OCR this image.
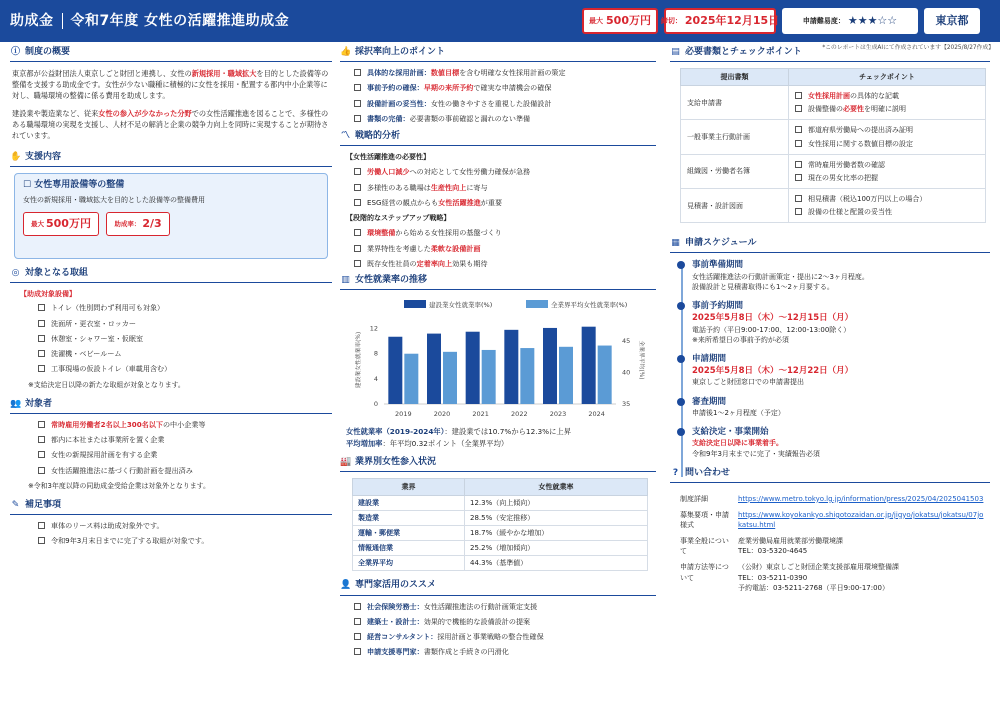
助成金 令和7年度 女性の活躍推進助成金	最大 500万円 締切： 2025年12月15日	申請難易度： ★★★☆☆	東京都
*このレポートは生成AIにて作成されています【2025/8/27作成】
ⓘ 制度の概要
東京都が公益財団法人東京しごと財団と連携し、女性の新規採用・職域拡大を目的とした設備等の整備を支援する助成金です。女性が少ない職種に積極的に女性を採用・配置する都内中小企業等に対し、職場環境の整備に係る費用を助成します。
建設業や製造業など、従来女性の参入が少なかった分野での女性活躍推進を図ることで、多様性のある職場環境の実現を支援し、人材不足の解消と企業の競争力向上を同時に実現することが期待されています。
✋ 支援内容
☐ 女性専用設備等の整備
女性の新規採用・職域拡大を目的とした設備等の整備費用
最大 500万円
	助成率： 2/3
◎ 対象となる取組
【助成対象設備】
トイレ（性別問わず利用可も対象）
洗面所・更衣室・ロッカー
休憩室・シャワー室・仮眠室
洗濯機・ベビールーム
工事現場の仮設トイレ（車載用含む）
※支給決定日以降の新たな取組が対象となります。
👥 対象者
常時雇用労働者2名以上300名以下の中小企業等
都内に本社または事業所を置く企業
女性の新規採用計画を有する企業
女性活躍推進法に基づく行動計画を提出済み
※令和3年度以降の同助成金受給企業は対象外となります。
✎ 補足事項
車体のリース料は助成対象外です。
令和9年3月末日までに完了する取組が対象です。
👍 採択率向上のポイント
具体的な採用計画：数値目標を含む明確な女性採用計画の策定
事前予約の確保：早期の来所予約で確実な申請機会の確保
設備計画の妥当性：女性の働きやすさを重視した設備設計
書類の完備：必要書類の事前確認と漏れのない準備
〽 戦略的分析
【女性活躍推進の必要性】
労働人口減少への対応として女性労働力確保が急務
多様性のある職場は生産性向上に寄与
ESG経営の観点からも女性活躍推進が重要
【段階的なステップアップ戦略】
環境整備から始める女性採用の基盤づくり
業界特性を考慮した柔軟な設備計画
既存女性社員の定着率向上効果も期待
▥ 女性就業率の推移
建設業女性就業率(%)	全業界平均女性就業率(%)
0
4
8
12
35
40
45
建設業女性就業率(%)	全業界平均(%)
2019	2020	2021	2022	2023	2024
女性就業率（2019-2024年）：建設業では10.7%から12.3%に上昇
平均増加率：年平均0.32ポイント（全業界平均）
🏭 業界別女性参入状況
業界	女性就業率
建設業	12.3%（向上傾向）
製造業	28.5%（安定推移）
運輸・郵便業	18.7%（緩やかな増加）
情報通信業	25.2%（増加傾向）
全業界平均	44.3%（基準値）
👤 専門家活用のススメ
社会保険労務士：女性活躍推進法の行動計画策定支援
建築士・設計士：効果的で機能的な設備設計の提案
経営コンサルタント：採用計画と事業戦略の整合性確保
申請支援専門家：書類作成と手続きの円滑化
▤ 必要書類とチェックポイント
提出書類	チェックポイント
支給申請書	女性採用計画の具体的な記載
設備整備の必要性を明確に説明

一般事業主行動計画	都道府県労働局への提出済み証明
女性採用に関する数値目標の設定

組織図・労働者名簿	常時雇用労働者数の確認
現在の男女比率の把握

見積書・設計図面	相見積書（税込100万円以上の場合）
設備の仕様と配置の妥当性
▦ 申請スケジュール
事前準備期間
女性活躍推進法の行動計画策定・提出に2〜3ヶ月程度。
設備設計と見積書取得にも1〜2ヶ月要する。
事前予約期間
2025年5月8日（木）〜12月15日（月）
電話予約（平日9:00-17:00、12:00-13:00除く）
※来所希望日の事前予約が必須
申請期間
2025年5月8日（木）〜12月22日（月）
東京しごと財団窓口での申請書提出
審査期間
申請後1〜2ヶ月程度（予定）
支給決定・事業開始
支給決定日以降に事業着手。
令和9年3月末までに完了・実績報告必須
? 問い合わせ
制度詳細	https://www.metro.tokyo.lg.jp/information/press/2025/04/2025041503
募集要項・申請様式	https://www.koyokankyo.shigotozaidan.or.jp/jigyo/jokatsu/jokatsu/07jokatsu.html
事業全般について	産業労働局雇用就業部労働環境課
TEL：03-5320-4645

申請方法等について	（公財）東京しごと財団企業支援部雇用環境整備課
TEL：03-5211-0390
予約電話：03-5211-2768（平日9:00-17:00）
